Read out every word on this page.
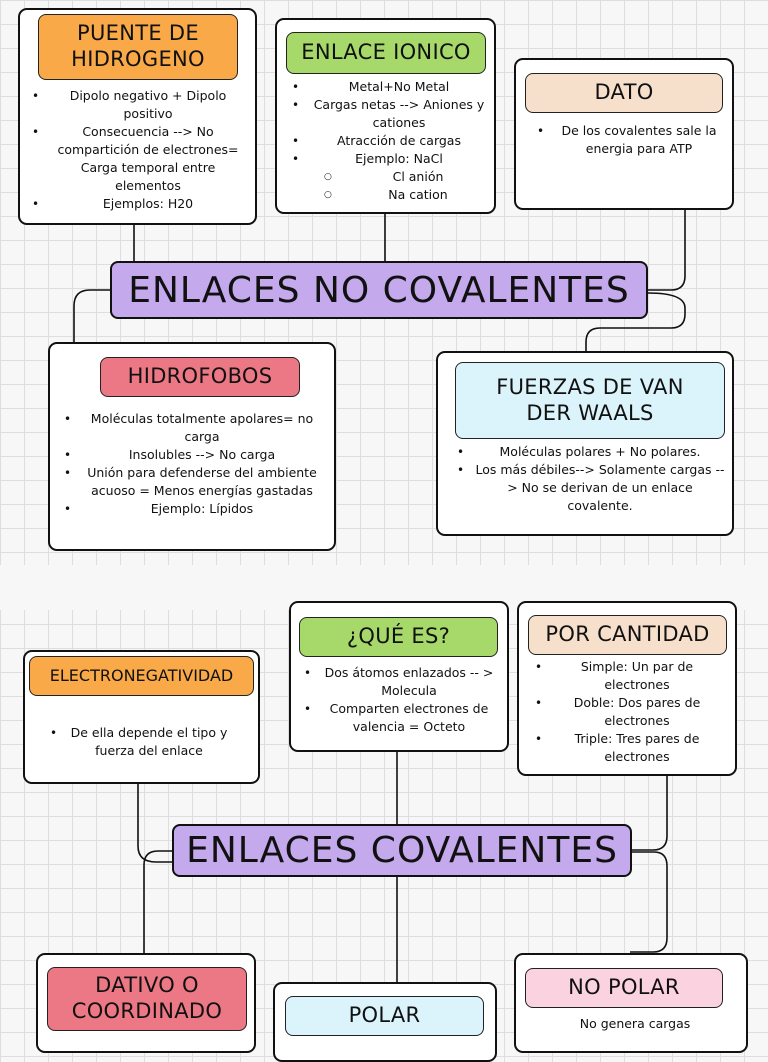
PUENTE DE HIDROGENO
• Dipolo negativo + Dipolo positivo
• Consecuencia --> No compartición de electrones= Carga temporal entre elementos
• Ejemplos: H20
ENLACE IONICO
• Metal+No Metal
• Cargas netas --> Aniones y cationes
• Atracción de cargas
• Ejemplo: NaCl
○ Cl anión
○ Na cation
DATO
• De los covalentes sale la energia para ATP
ENLACES NO COVALENTES
HIDROFOBOS
• Moléculas totalmente apolares= no carga
• Insolubles --> No carga
• Unión para defenderse del ambiente acuoso = Menos energías gastadas
• Ejemplo: Lípidos
FUERZAS DE VAN DER WAALS
• Moléculas polares + No polares.
• Los más débiles--> Solamente cargas --> No se derivan de un enlace covalente.
ELECTRONEGATIVIDAD
• De ella depende el tipo y fuerza del enlace
¿QUÉ ES?
• Dos átomos enlazados -- > Molecula
• Comparten electrones de valencia = Octeto
POR CANTIDAD
• Simple: Un par de electrones
• Doble: Dos pares de electrones
• Triple: Tres pares de electrones
ENLACES COVALENTES
DATIVO O COORDINADO	POLAR
NO POLAR
No genera cargas
